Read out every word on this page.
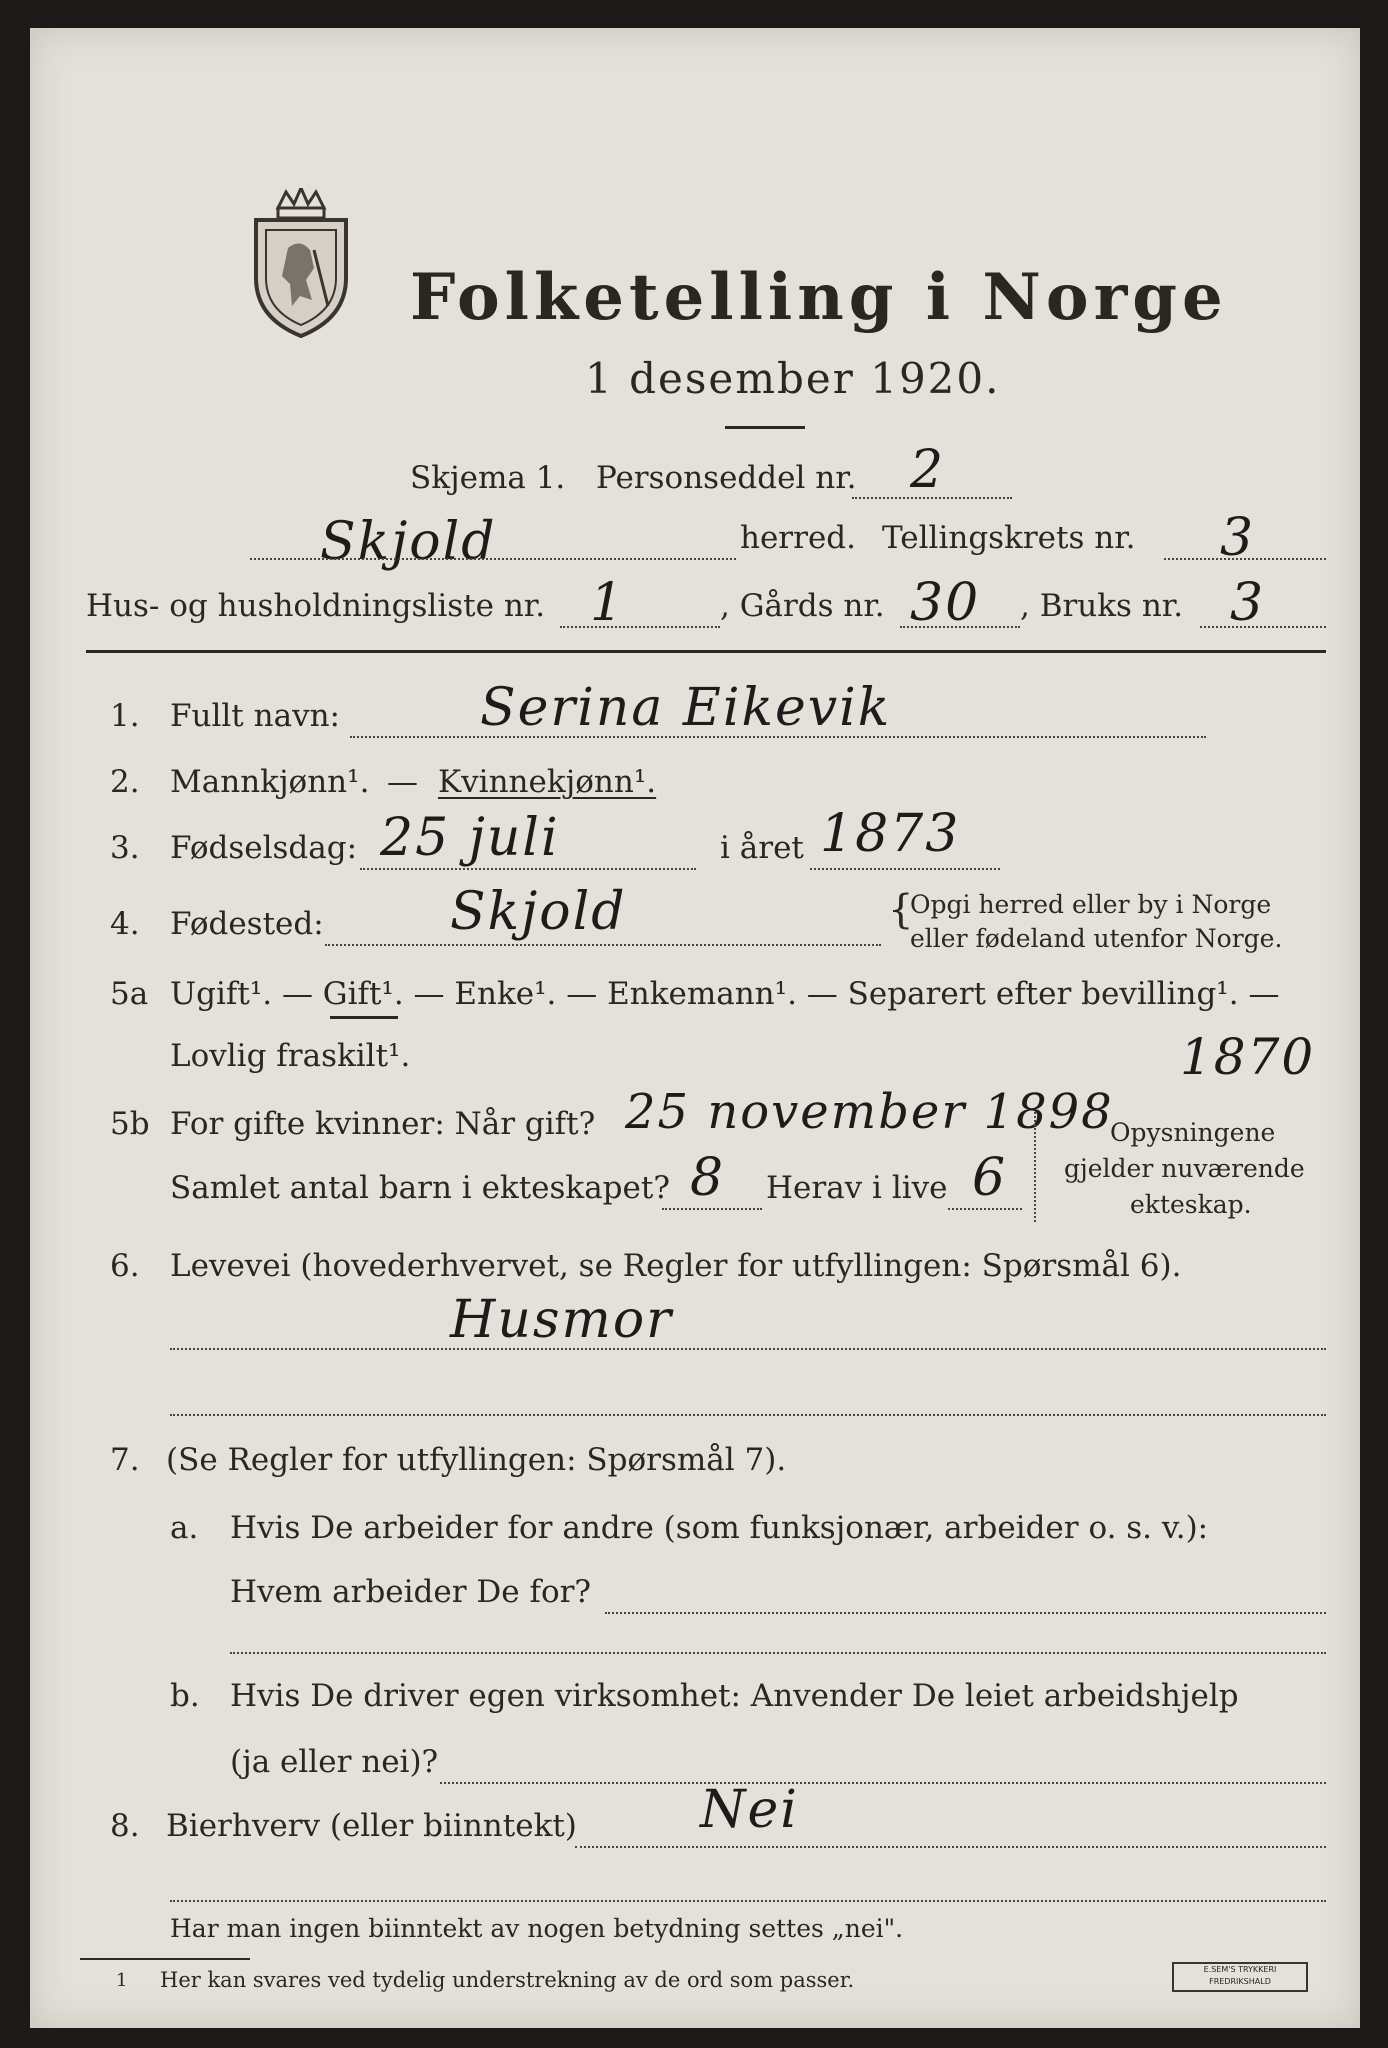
Folketelling i Norge
1 desember 1920.
Skjema 1. Personseddel nr. 2
Skjold	herred. Tellingskrets nr. 3
Hus- og husholdningsliste nr. 1	, Gårds nr. 30 , Bruks nr. 3
1. Fullt navn:	Serina Eikevik
2. Mannkjønn¹. — Kvinnekjønn¹.
3. Fødselsdag: 25 juli	i året 1873
4. Fødested: Skjold	{
Opgi herred eller by i Norge
eller fødeland utenfor Norge.
5a Ugift¹. — Gift¹. — Enke¹. — Enkemann¹. — Separert efter bevilling¹. —
Lovlig fraskilt¹.
5b For gifte kvinner: Når gift? 25 november 1898
1870
Samlet antal barn i ekteskapet? 8 Herav i live 6
Opysningene
gjelder nuværende
ekteskap.
6. Levevei (hovederhvervet, se Regler for utfyllingen: Spørsmål 6).
Husmor
7. (Se Regler for utfyllingen: Spørsmål 7).
a. Hvis De arbeider for andre (som funksjonær, arbeider o. s. v.):
Hvem arbeider De for?
b. Hvis De driver egen virksomhet: Anvender De leiet arbeidshjelp
(ja eller nei)?
8. Bierhverv (eller biinntekt) Nei
Har man ingen biinntekt av nogen betydning settes „nei".
1 Her kan svares ved tydelig understrekning av de ord som passer.	E.SEM'S TRYKKERI FREDRIKSHALD
